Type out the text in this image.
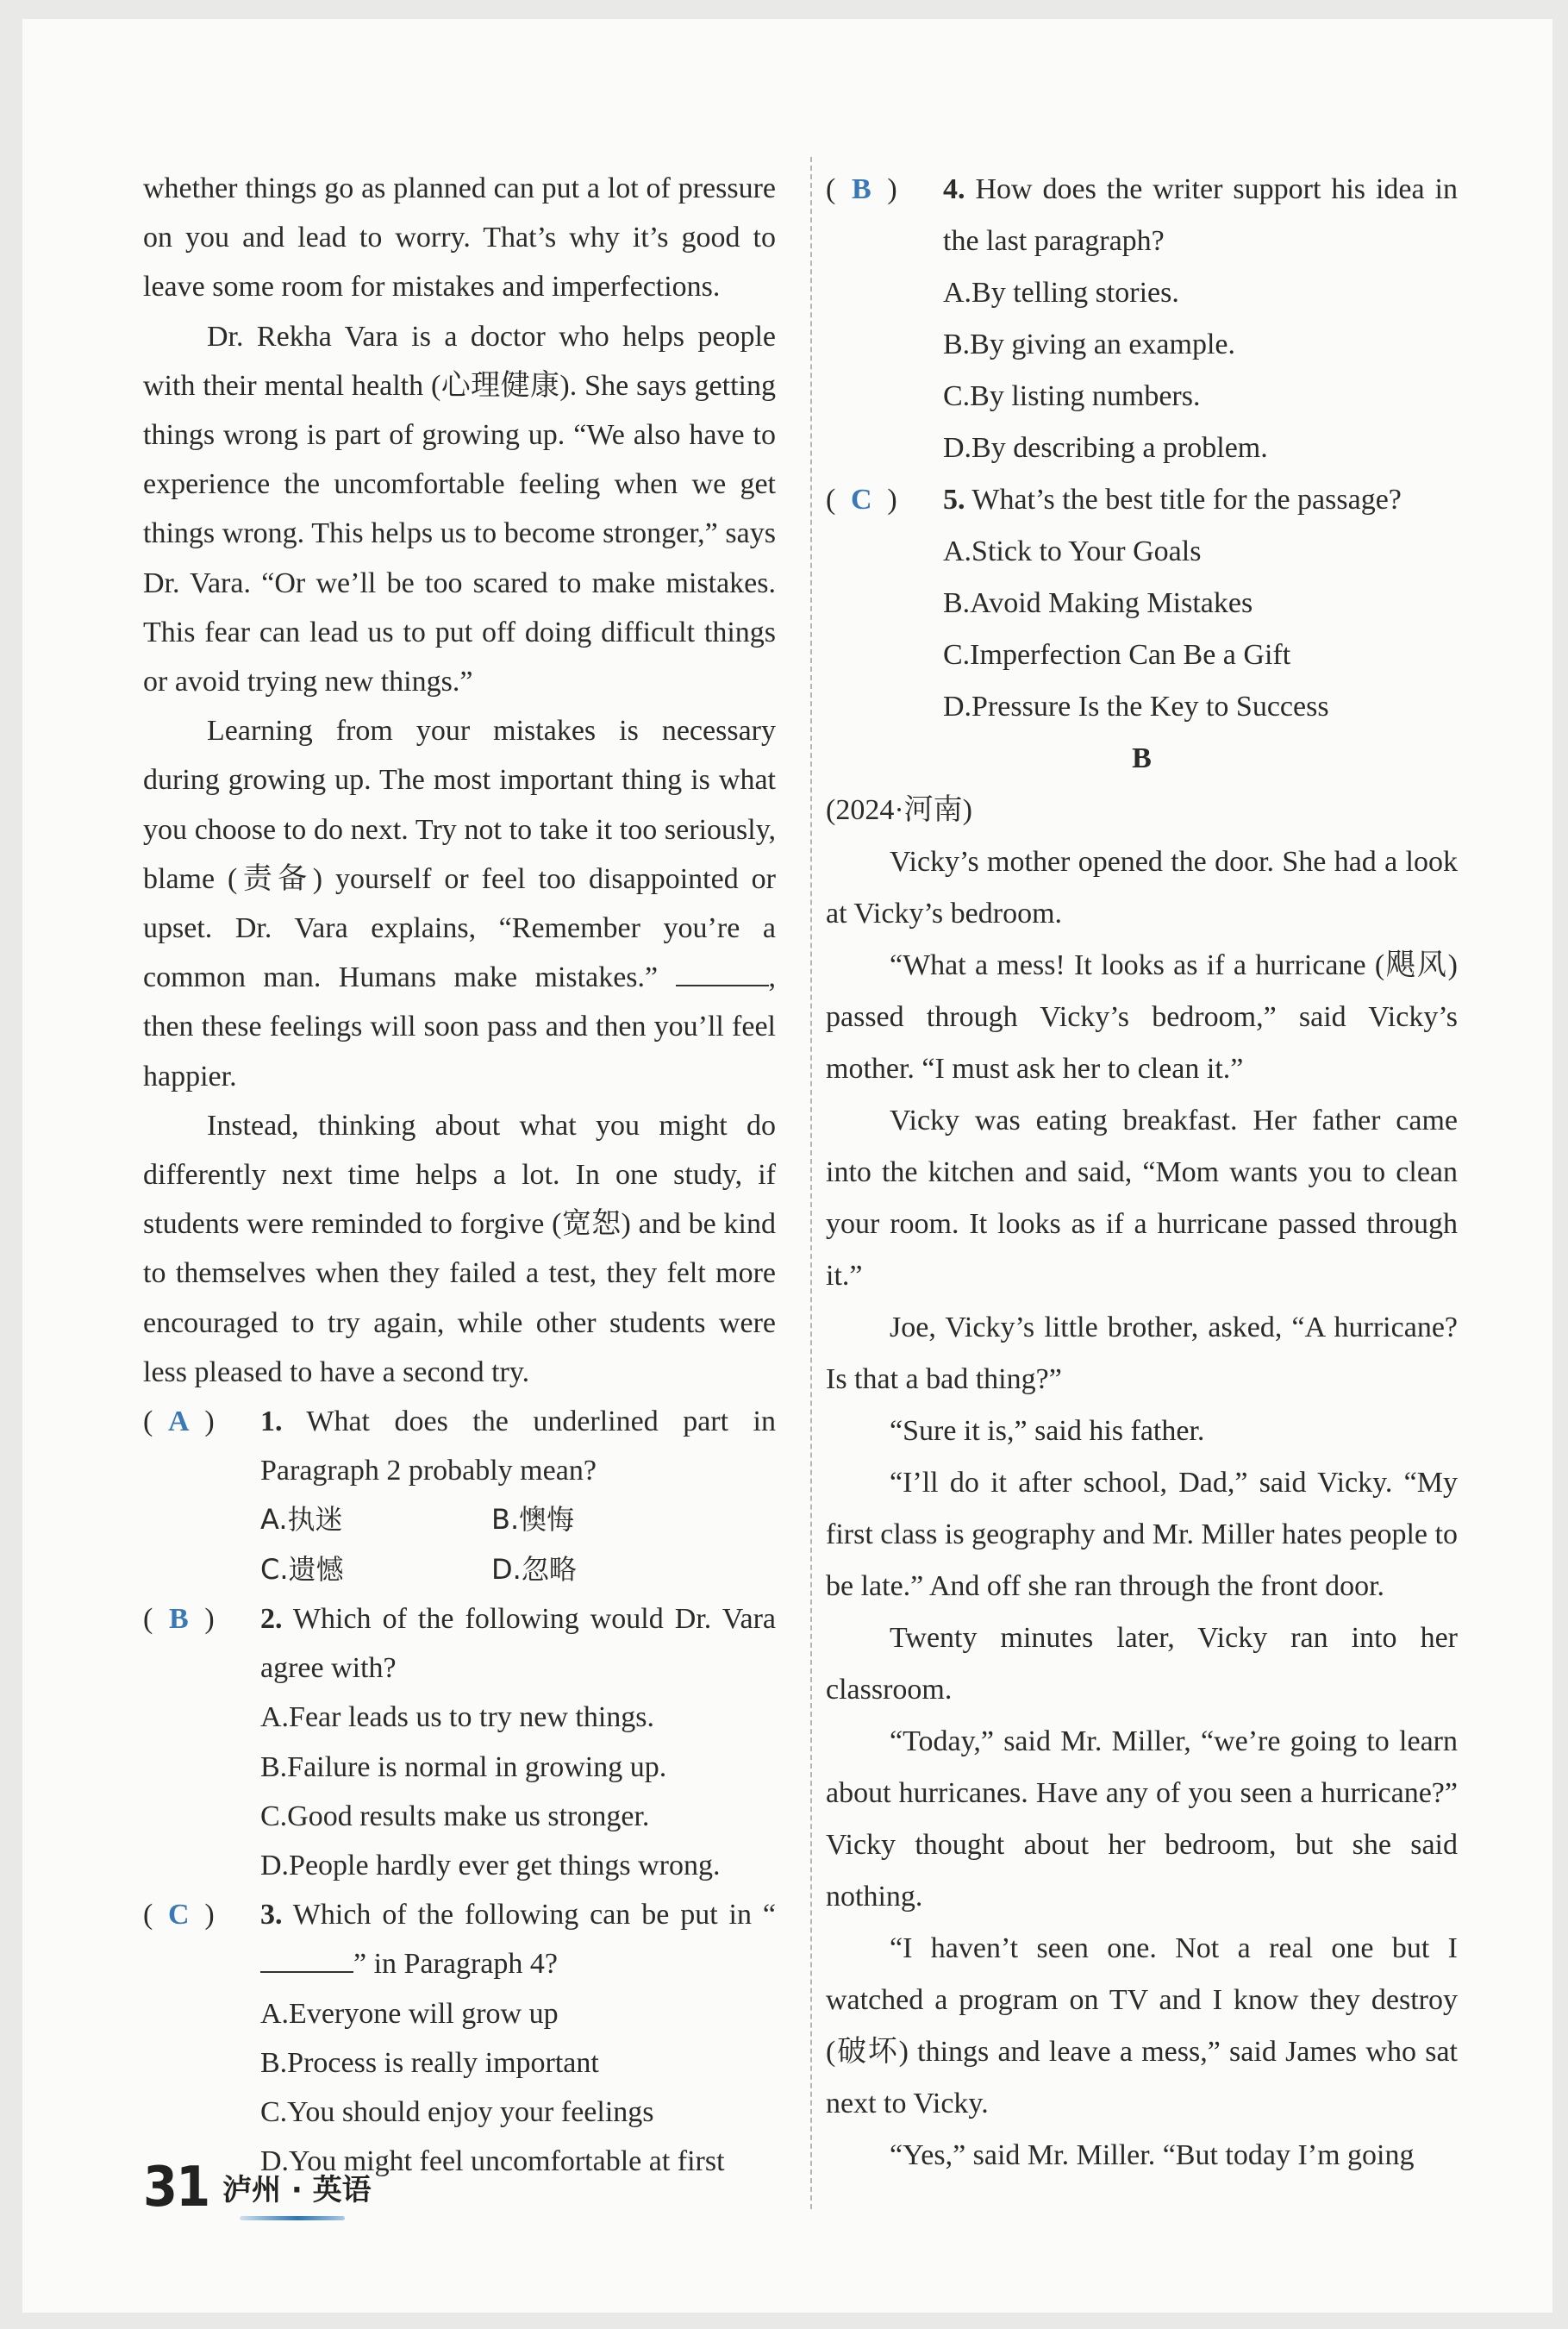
whether things go as planned can put a lot of pressure on you and lead to worry. That’s why it’s good to leave some room for mistakes and imperfections.

Dr. Rekha Vara is a doctor who helps people with their mental health (心理健康). She says getting things wrong is part of growing up. “We also have to experience the uncomfortable feeling when we get things wrong. This helps us to become stronger,” says Dr. Vara. “Or we’ll be too scared to make mistakes. This fear can lead us to put off doing difficult things or avoid trying new things.”

Learning from your mistakes is necessary during growing up. The most important thing is what you choose to do next. Try not to take it too seriously, blame (责备) yourself or feel too disappointed or upset. Dr. Vara explains, “Remember you’re a common man. Humans make mistakes.”	, then these feelings will soon pass and then you’ll feel happier.

Instead, thinking about what you might do differently next time helps a lot. In one study, if students were reminded to forgive (宽恕) and be kind to themselves when they failed a test, they felt more encouraged to try again, while other students were less pleased to have a second try.

( A ) 1. What does the underlined part in Paragraph 2 probably mean?
A.执迷	B.懊悔
C.遗憾	D.忽略
( B ) 2. Which of the following would Dr. Vara agree with?
A.Fear leads us to try new things.
B.Failure is normal in growing up.
C.Good results make us stronger.
D.People hardly ever get things wrong.
( C ) 3. Which of the following can be put in “” in Paragraph 4?
A.Everyone will grow up
B.Process is really important
C.You should enjoy your feelings
D.You might feel uncomfortable at first
( B ) 4. How does the writer support his idea in the last paragraph?
A.By telling stories.
B.By giving an example.
C.By listing numbers.
D.By describing a problem.
( C ) 5. What’s the best title for the passage?
A.Stick to Your Goals
B.Avoid Making Mistakes
C.Imperfection Can Be a Gift
D.Pressure Is the Key to Success
B
(2024·河南)

Vicky’s mother opened the door. She had a look at Vicky’s bedroom.

“What a mess! It looks as if a hurricane (飓风) passed through Vicky’s bedroom,” said Vicky’s mother. “I must ask her to clean it.”

Vicky was eating breakfast. Her father came into the kitchen and said, “Mom wants you to clean your room. It looks as if a hurricane passed through it.”

Joe, Vicky’s little brother, asked, “A hurricane? Is that a bad thing?”

“Sure it is,” said his father.

“I’ll do it after school, Dad,” said Vicky. “My first class is geography and Mr. Miller hates people to be late.” And off she ran through the front door.

Twenty minutes later, Vicky ran into her classroom.

“Today,” said Mr. Miller, “we’re going to learn about hurricanes. Have any of you seen a hurricane?” Vicky thought about her bedroom, but she said nothing.

“I haven’t seen one. Not a real one but I watched a program on TV and I know they destroy (破坏) things and leave a mess,” said James who sat next to Vicky.

“Yes,” said Mr. Miller. “But today I’m going

31 泸州 · 英语
